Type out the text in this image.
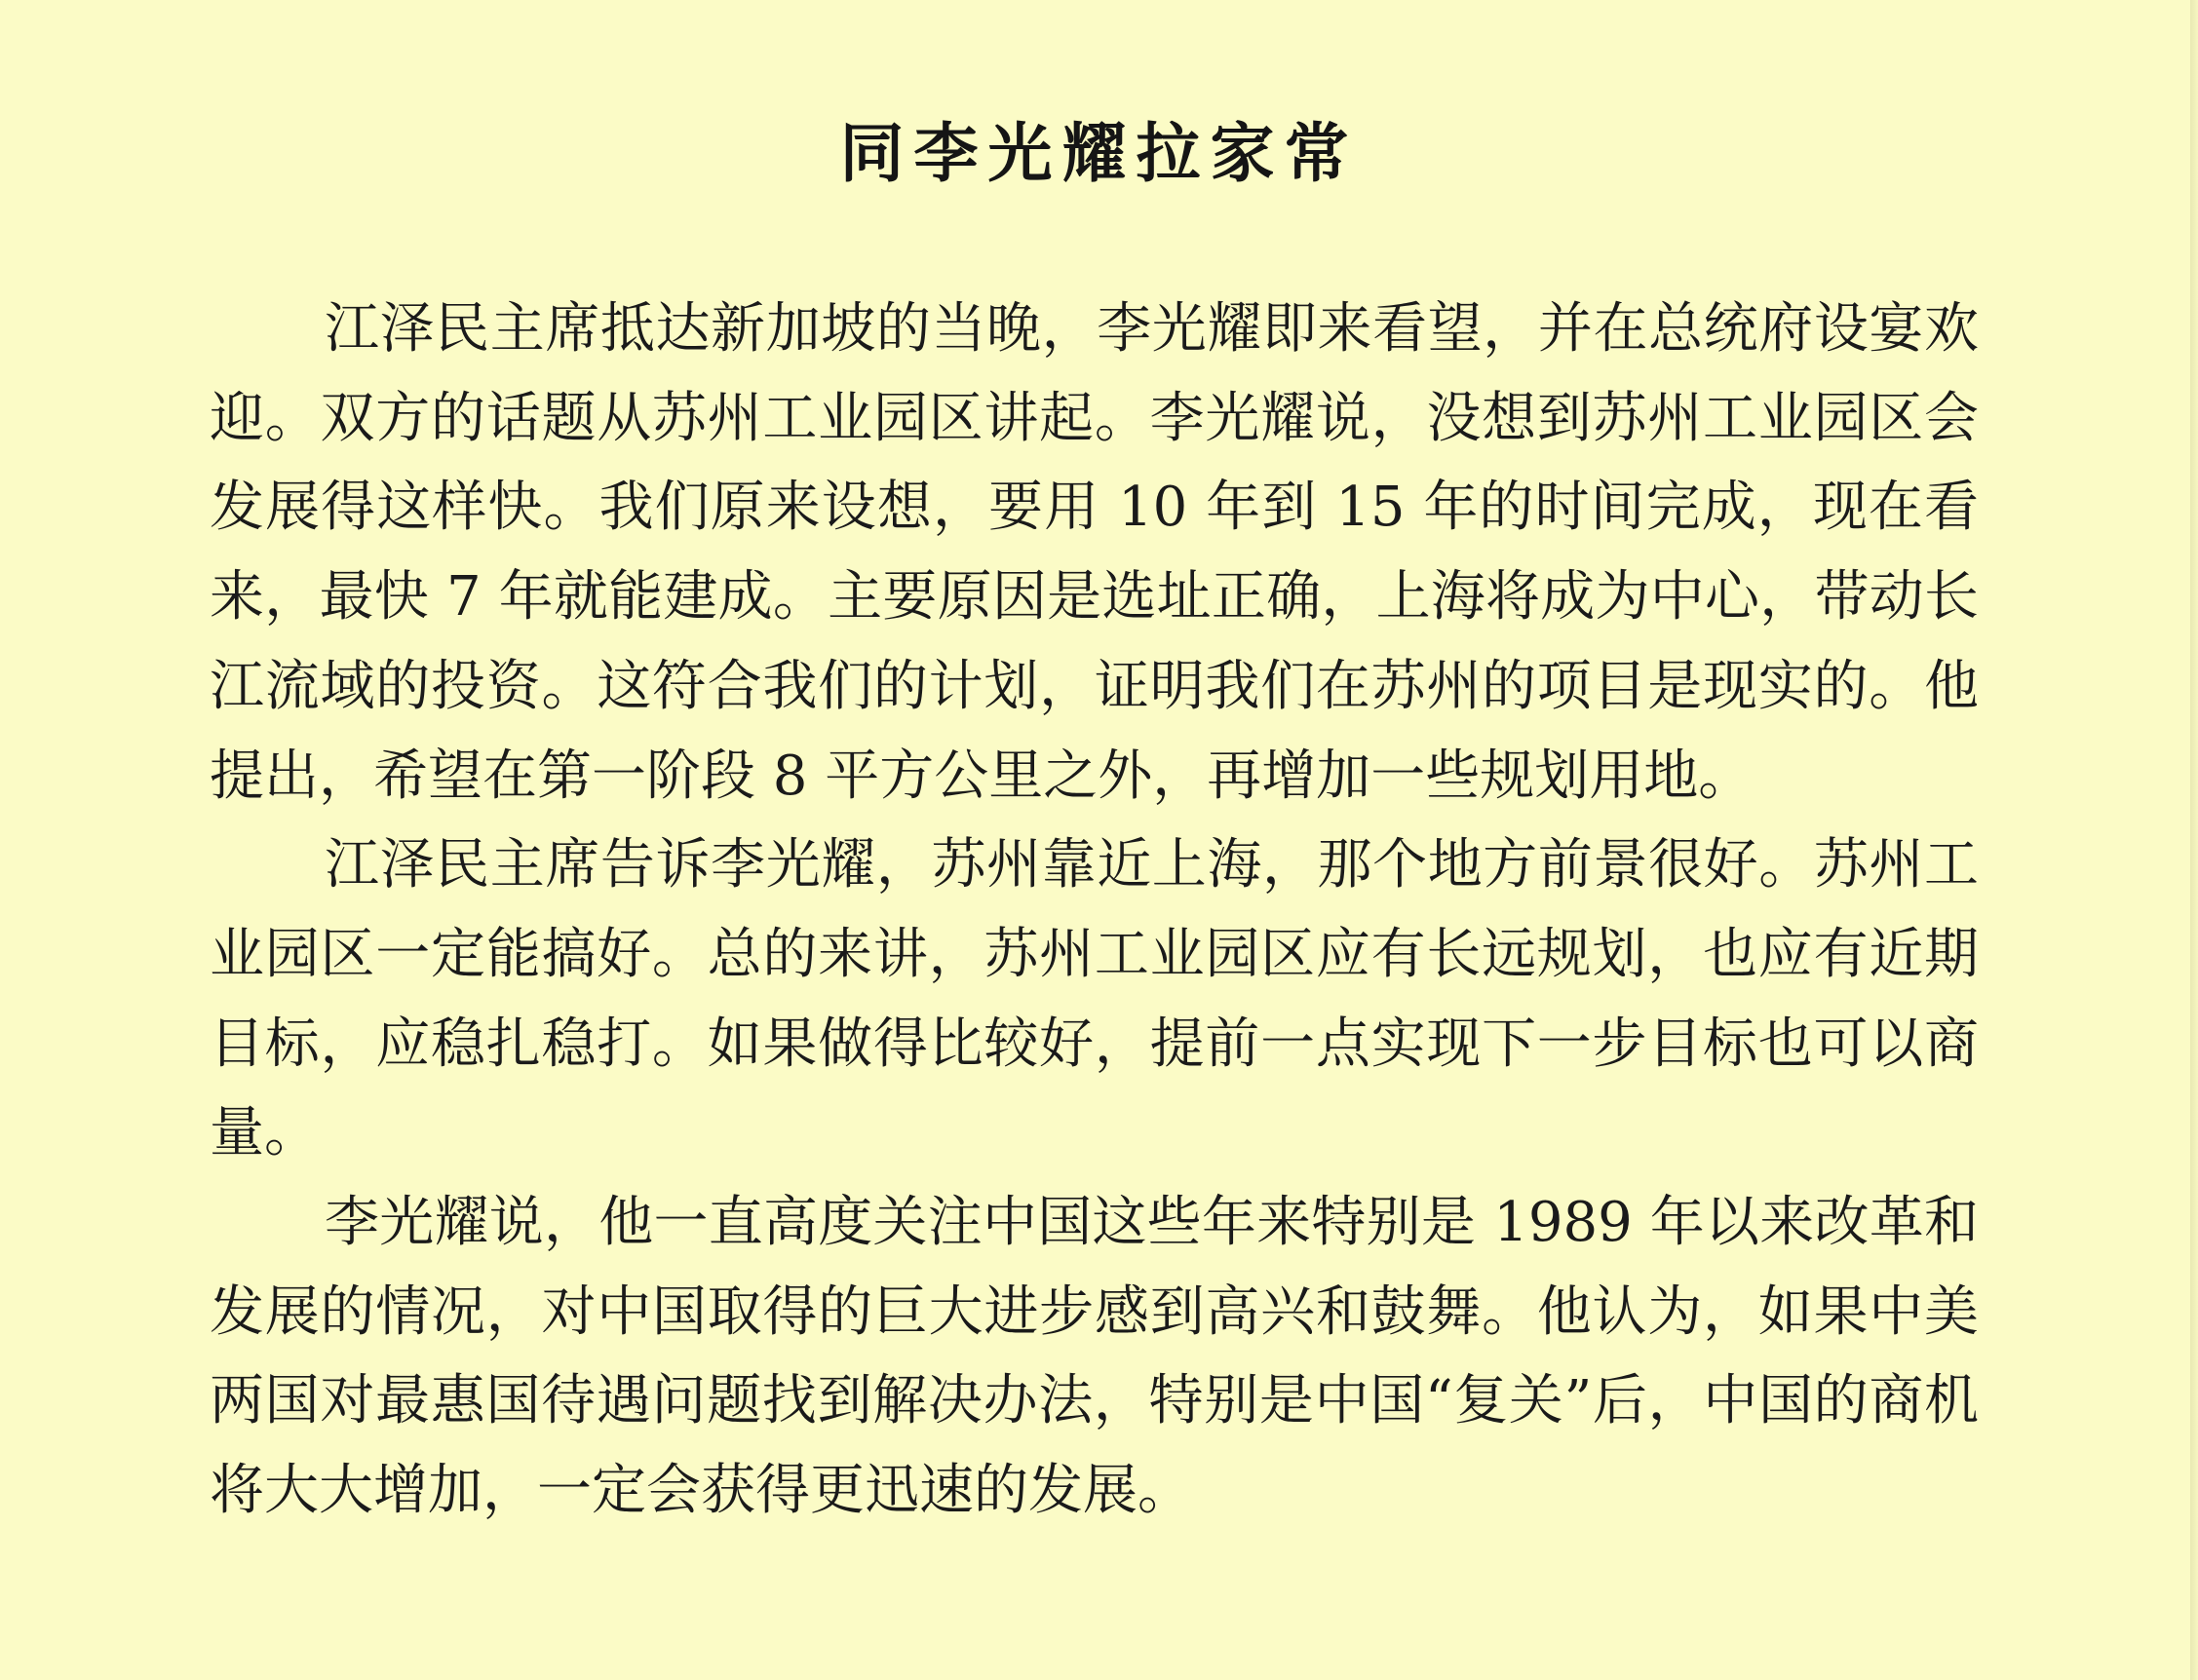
同李光耀拉家常

江泽民主席抵达新加坡的当晚，李光耀即来看望，并在总统府设宴欢迎。双方的话题从苏州工业园区讲起。李光耀说，没想到苏州工业园区会发展得这样快。我们原来设想，要用 10 年到 15 年的时间完成，现在看来，最快 7 年就能建成。主要原因是选址正确，上海将成为中心，带动长江流域的投资。这符合我们的计划，证明我们在苏州的项目是现实的。他提出，希望在第一阶段 8 平方公里之外，再增加一些规划用地。

江泽民主席告诉李光耀，苏州靠近上海，那个地方前景很好。苏州工业园区一定能搞好。总的来讲，苏州工业园区应有长远规划，也应有近期目标，应稳扎稳打。如果做得比较好，提前一点实现下一步目标也可以商量。

李光耀说，他一直高度关注中国这些年来特别是 1989 年以来改革和发展的情况，对中国取得的巨大进步感到高兴和鼓舞。他认为，如果中美两国对最惠国待遇问题找到解决办法，特别是中国“复关”后，中国的商机将大大增加，一定会获得更迅速的发展。
